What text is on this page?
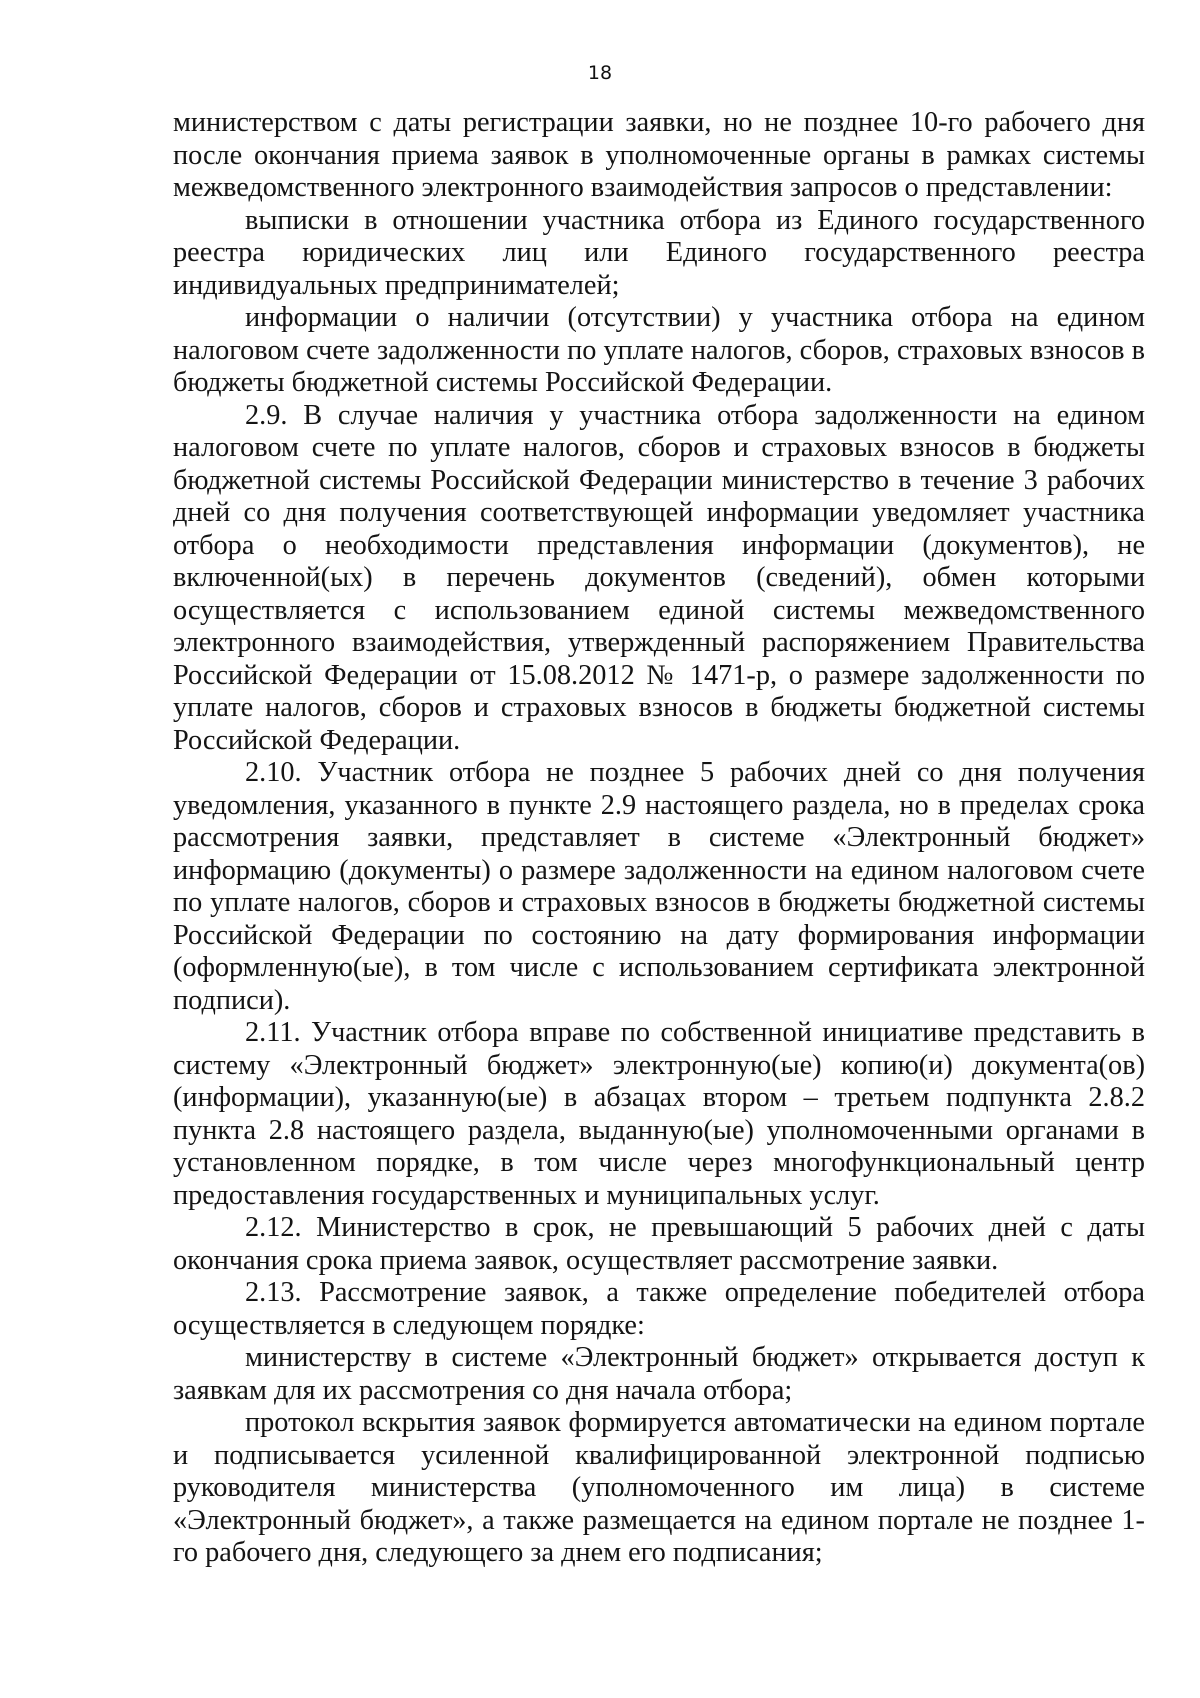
18

министерством с даты регистрации заявки, но не позднее 10-го рабочего дня после окончания приема заявок в уполномоченные органы в рамках системы межведомственного электронного взаимодействия запросов о представлении:

выписки в отношении участника отбора из Единого государственного реестра юридических лиц или Единого государственного реестра индивидуальных предпринимателей;

информации о наличии (отсутствии) у участника отбора на едином налоговом счете задолженности по уплате налогов, сборов, страховых взносов в бюджеты бюджетной системы Российской Федерации.

2.9. В случае наличия у участника отбора задолженности на едином налоговом счете по уплате налогов, сборов и страховых взносов в бюджеты бюджетной системы Российской Федерации министерство в течение 3 рабочих дней со дня получения соответствующей информации уведомляет участника отбора о необходимости представления информации (документов), не включенной(ых) в перечень документов (сведений), обмен которыми осуществляется с использованием единой системы межведомственного электронного взаимодействия, утвержденный распоряжением Правительства Российской Федерации от 15.08.2012 № 1471-р, о размере задолженности по уплате налогов, сборов и страховых взносов в бюджеты бюджетной системы Российской Федерации.

2.10. Участник отбора не позднее 5 рабочих дней со дня получения уведомления, указанного в пункте 2.9 настоящего раздела, но в пределах срока рассмотрения заявки, представляет в системе «Электронный бюджет» информацию (документы) о размере задолженности на едином налоговом счете по уплате налогов, сборов и страховых взносов в бюджеты бюджетной системы Российской Федерации по состоянию на дату формирования информации (оформленную(ые), в том числе с использованием сертификата электронной подписи).

2.11. Участник отбора вправе по собственной инициативе представить в систему «Электронный бюджет» электронную(ые) копию(и) документа(ов) (информации), указанную(ые) в абзацах втором – третьем подпункта 2.8.2 пункта 2.8 настоящего раздела, выданную(ые) уполномоченными органами в установленном порядке, в том числе через многофункциональный центр предоставления государственных и муниципальных услуг.

2.12. Министерство в срок, не превышающий 5 рабочих дней с даты окончания срока приема заявок, осуществляет рассмотрение заявки.

2.13. Рассмотрение заявок, а также определение победителей отбора осуществляется в следующем порядке:

министерству в системе «Электронный бюджет» открывается доступ к заявкам для их рассмотрения со дня начала отбора;

протокол вскрытия заявок формируется автоматически на едином портале и подписывается усиленной квалифицированной электронной подписью руководителя министерства (уполномоченного им лица) в системе «Электронный бюджет», а также размещается на едином портале не позднее 1-го рабочего дня, следующего за днем его подписания;
